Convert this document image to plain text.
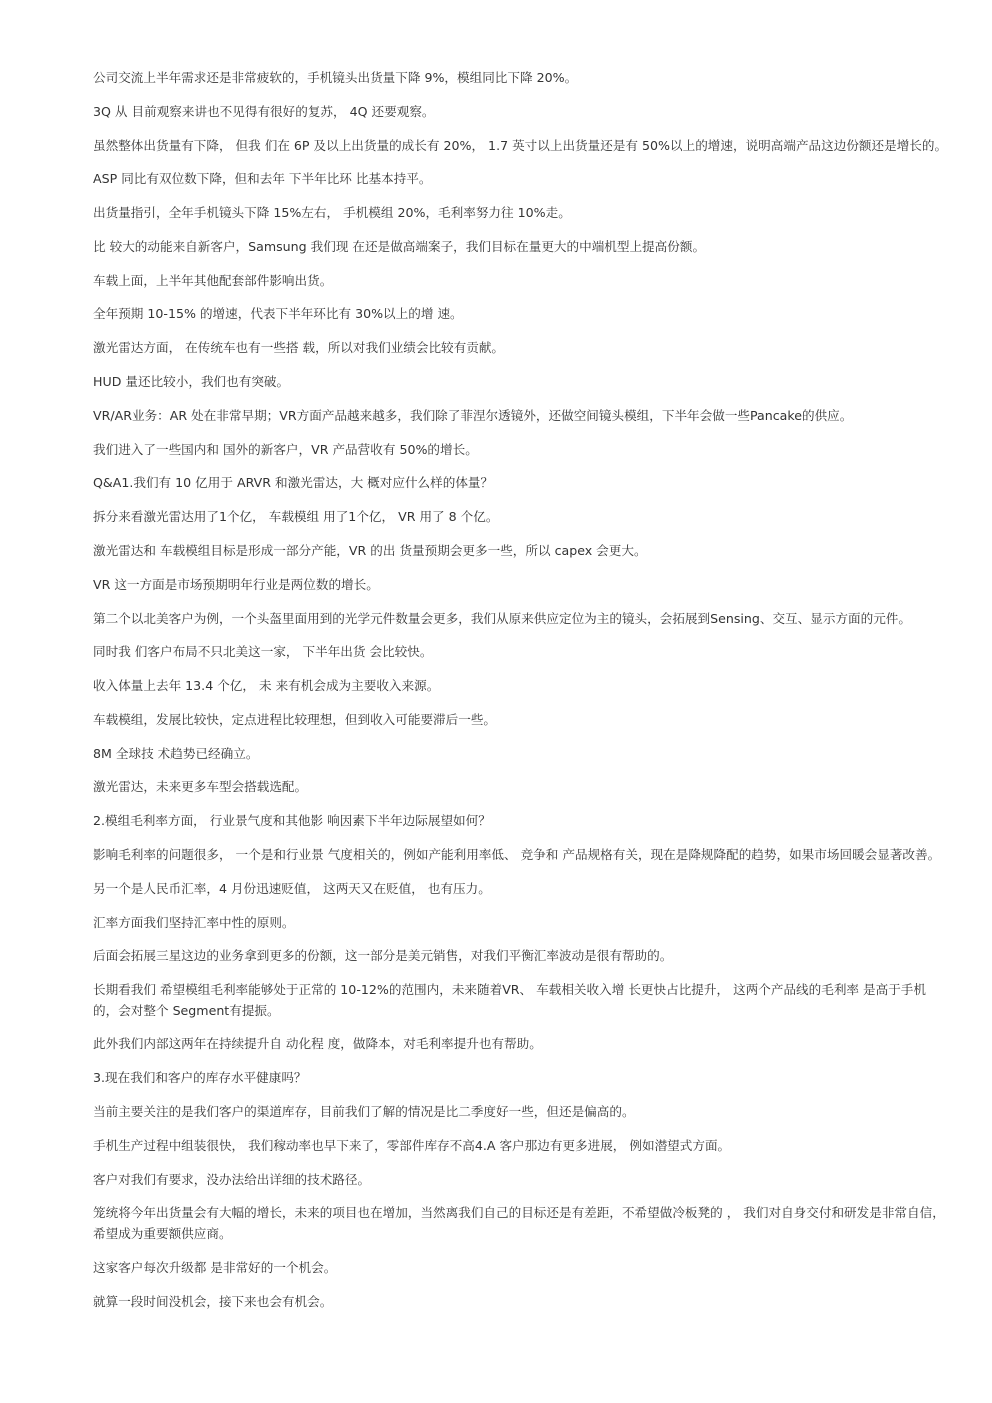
公司交流上半年需求还是非常疲软的，手机镜头出货量下降 9%，模组同比下降 20%。

3Q 从 目前观察来讲也不见得有很好的复苏， 4Q 还要观察。

虽然整体出货量有下降， 但我 们在 6P 及以上出货量的成长有 20%， 1.7 英寸以上出货量还是有 50%以上的增速，说明高端产品这边份额还是增长的。

ASP 同比有双位数下降，但和去年 下半年比环 比基本持平。

出货量指引，全年手机镜头下降 15%左右， 手机模组 20%，毛利率努力往 10%走。

比 较大的动能来自新客户，Samsung 我们现 在还是做高端案子，我们目标在量更大的中端机型上提高份额。

车载上面，上半年其他配套部件影响出货。

全年预期 10-15% 的增速，代表下半年环比有 30%以上的增 速。

激光雷达方面， 在传统车也有一些搭 载，所以对我们业绩会比较有贡献。

HUD 量还比较小，我们也有突破。

VR/AR业务：AR 处在非常早期；VR方面产品越来越多，我们除了菲涅尔透镜外，还做空间镜头模组，下半年会做一些Pancake的供应。

我们进入了一些国内和 国外的新客户，VR 产品营收有 50%的增长。

Q&A1.我们有 10 亿用于 ARVR 和激光雷达，大 概对应什么样的体量？

拆分来看激光雷达用了1个亿， 车载模组 用了1个亿， VR 用了 8 个亿。

激光雷达和 车载模组目标是形成一部分产能，VR 的出 货量预期会更多一些，所以 capex 会更大。

VR 这一方面是市场预期明年行业是两位数的增长。

第二个以北美客户为例，一个头盔里面用到的光学元件数量会更多，我们从原来供应定位为主的镜头，会拓展到Sensing、交互、显示方面的元件。

同时我 们客户布局不只北美这一家， 下半年出货 会比较快。

收入体量上去年 13.4 个亿， 未 来有机会成为主要收入来源。

车载模组，发展比较快，定点进程比较理想，但到收入可能要滞后一些。

8M 全球技 术趋势已经确立。

激光雷达，未来更多车型会搭载选配。

2.模组毛利率方面， 行业景气度和其他影 响因素下半年边际展望如何？

影响毛利率的问题很多， 一个是和行业景 气度相关的，例如产能利用率低、 竞争和 产品规格有关，现在是降规降配的趋势，如果市场回暖会显著改善。

另一个是人民币汇率，4 月份迅速贬值， 这两天又在贬值， 也有压力。

汇率方面我们坚持汇率中性的原则。

后面会拓展三星这边的业务拿到更多的份额，这一部分是美元销售，对我们平衡汇率波动是很有帮助的。

长期看我们 希望模组毛利率能够处于正常的 10-12%的范围内，未来随着VR、 车载相关收入增 长更快占比提升， 这两个产品线的毛利率 是高于手机的，会对整个 Segment有提振。

此外我们内部这两年在持续提升自 动化程 度，做降本，对毛利率提升也有帮助。

3.现在我们和客户的库存水平健康吗？

当前主要关注的是我们客户的渠道库存，目前我们了解的情况是比二季度好一些，但还是偏高的。

手机生产过程中组装很快， 我们稼动率也早下来了，零部件库存不高4.A 客户那边有更多进展， 例如潜望式方面。

客户对我们有要求，没办法给出详细的技术路径。

笼统将今年出货量会有大幅的增长，未来的项目也在增加，当然离我们自己的目标还是有差距，不希望做冷板凳的 ， 我们对自身交付和研发是非常自信，希望成为重要额供应商。

这家客户每次升级都 是非常好的一个机会。

就算一段时间没机会，接下来也会有机会。
